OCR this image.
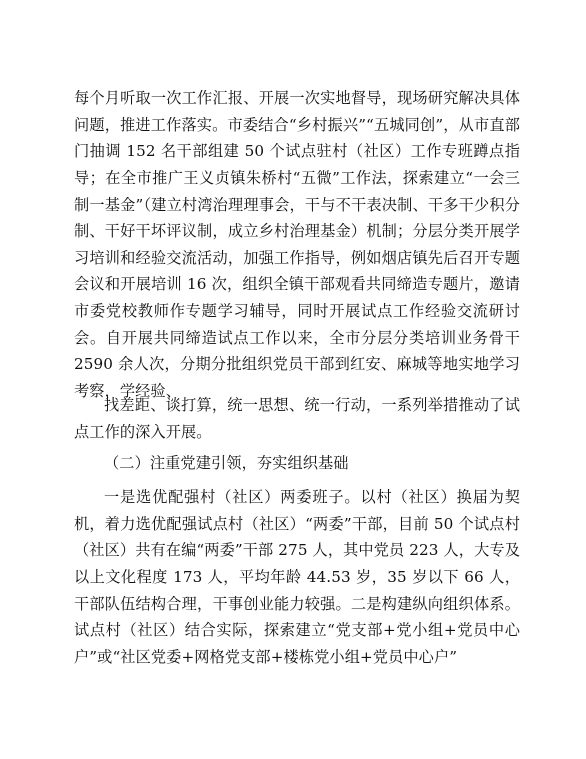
每个月听取一次工作汇报、开展一次实地督导，现场研究解决具体问题，推进工作落实。市委结合“乡村振兴”“五城同创”，从市直部门抽调 152 名干部组建 50 个试点驻村（社区）工作专班蹲点指导；在全市推广王义贞镇朱桥村“五微”工作法，探索建立“一会三制一基金”（建立村湾治理理事会，干与不干表决制、干多干少积分制、干好干坏评议制，成立乡村治理基金）机制；分层分类开展学习培训和经验交流活动，加强工作指导，例如烟店镇先后召开专题会议和开展培训 16 次，组织全镇干部观看共同缔造专题片，邀请市委党校教师作专题学习辅导，同时开展试点工作经验交流研讨会。自开展共同缔造试点工作以来，全市分层分类培训业务骨干 2590 余人次，分期分批组织党员干部到红安、麻城等地实地学习考察，学经验、

找差距、谈打算，统一思想、统一行动，一系列举措推动了试点工作的深入开展。

（二）注重党建引领，夯实组织基础

一是选优配强村（社区）两委班子。以村（社区）换届为契机，着力选优配强试点村（社区）“两委”干部，目前 50 个试点村（社区）共有在编“两委”干部 275 人，其中党员 223 人，大专及以上文化程度 173 人，平均年龄 44.53 岁，35 岁以下 66 人，干部队伍结构合理，干事创业能力较强。二是构建纵向组织体系。试点村（社区）结合实际，探索建立“党支部+党小组+党员中心户”或“社区党委+网格党支部+楼栋党小组+党员中心户”
